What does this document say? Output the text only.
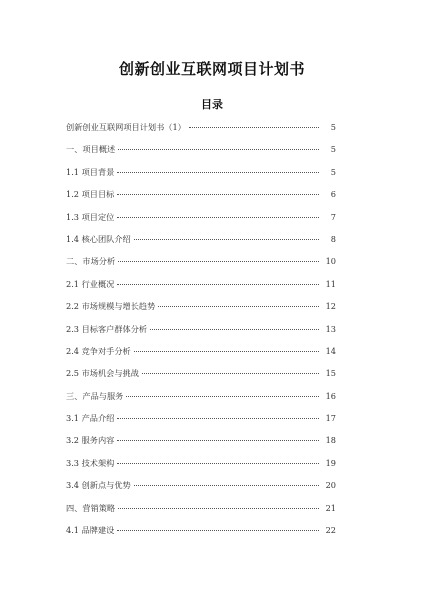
创新创业互联网项目计划书
目录
创新创业互联网项目计划书（1）	5
一、项目概述	5
1.1 项目背景	5
1.2 项目目标	6
1.3 项目定位	7
1.4 核心团队介绍	8
二、市场分析	10
2.1 行业概况	11
2.2 市场规模与增长趋势	12
2.3 目标客户群体分析	13
2.4 竞争对手分析	14
2.5 市场机会与挑战	15
三、产品与服务	16
3.1 产品介绍	17
3.2 服务内容	18
3.3 技术架构	19
3.4 创新点与优势	20
四、营销策略	21
4.1 品牌建设	22
